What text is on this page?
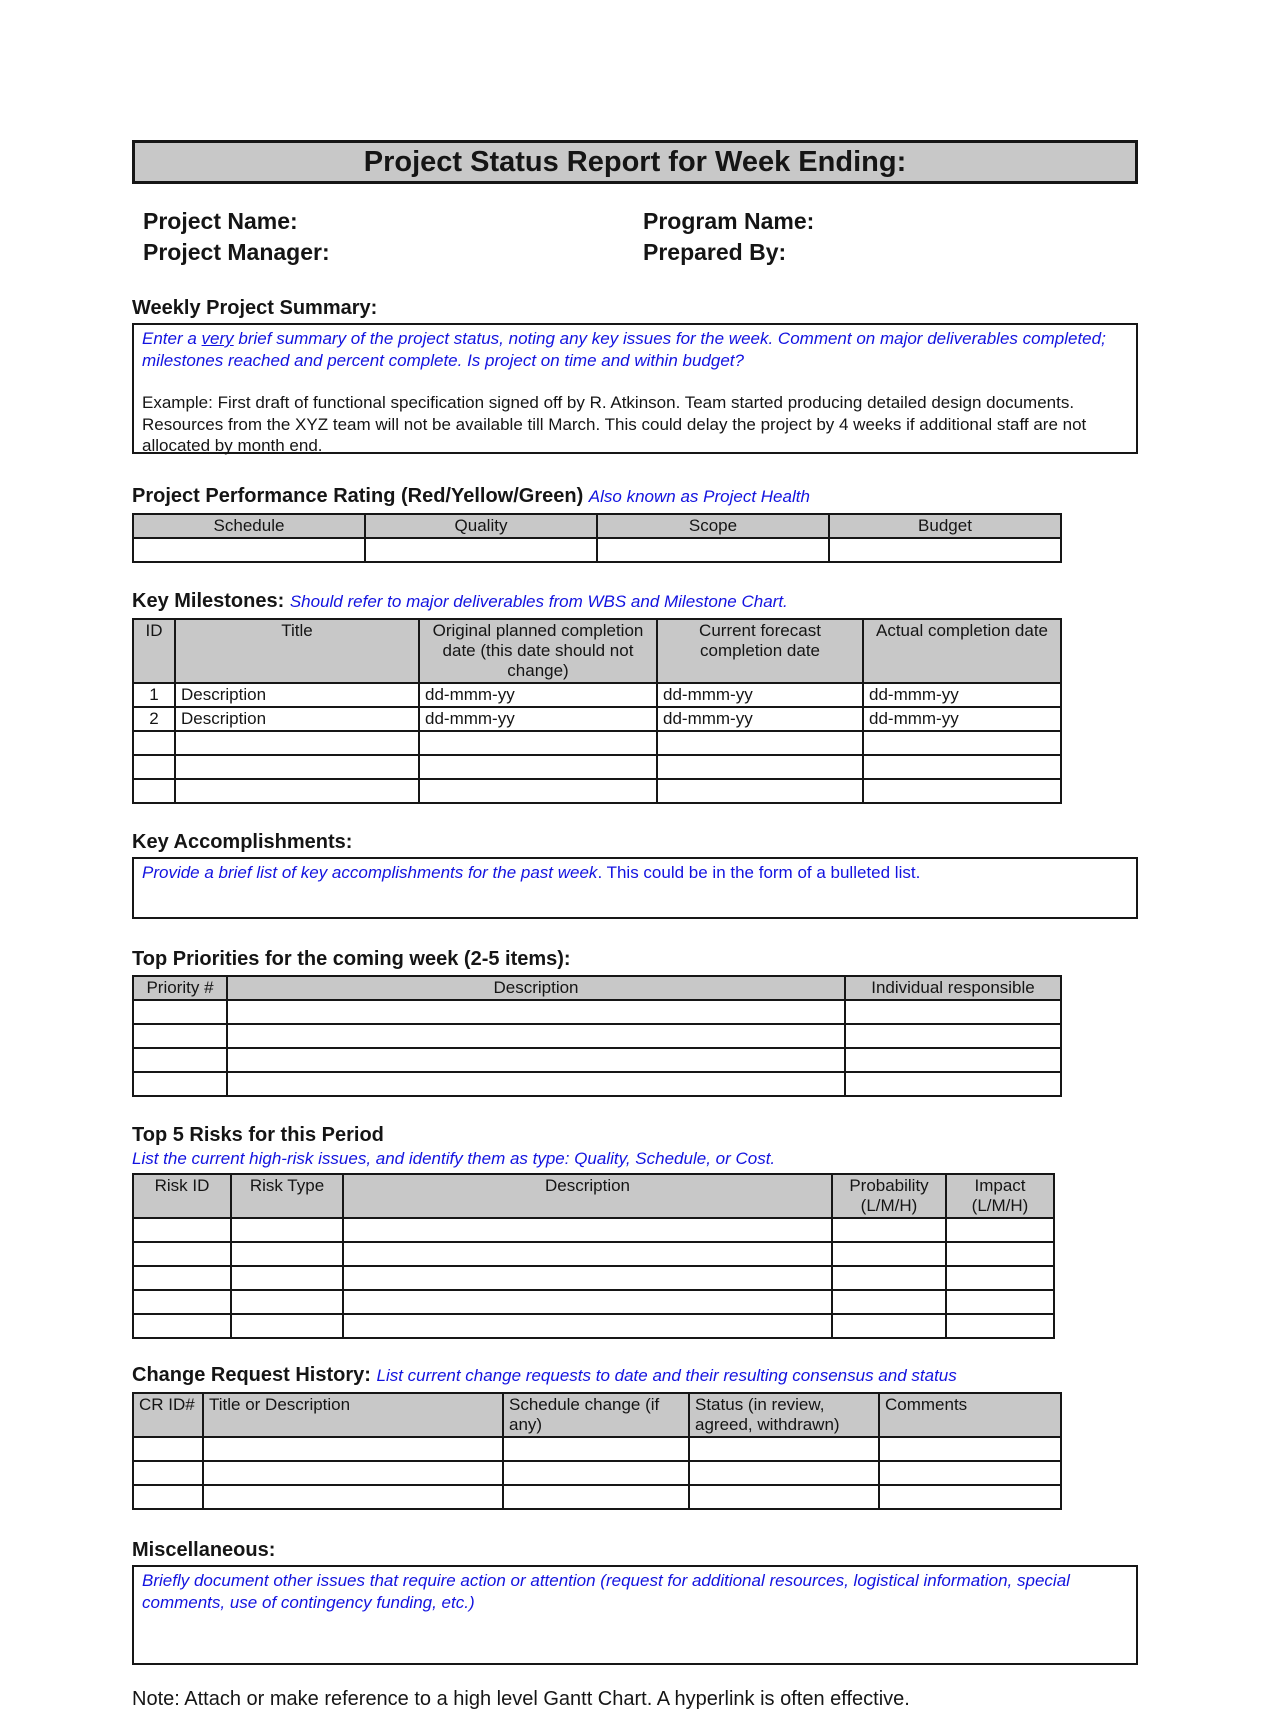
Project Status Report for Week Ending:
Project Name:	Program Name:
Project Manager:	Prepared By:
Weekly Project Summary:

Enter a very brief summary of the project status, noting any key issues for the week. Comment on major deliverables completed; milestones reached and percent complete. Is project on time and within budget?

Example: First draft of functional specification signed off by R. Atkinson. Team started producing detailed design documents. Resources from the XYZ team will not be available till March. This could delay the project by 4 weeks if additional staff are not allocated by month end.

Project Performance Rating (Red/Yellow/Green) Also known as Project Health
Schedule	Quality	Scope	Budget

Key Milestones: Should refer to major deliverables from WBS and Milestone Chart.
ID	Title	Original planned completion date (this date should not change)	Current forecast completion date	Actual completion date
1	Description	dd-mmm-yy	dd-mmm-yy	dd-mmm-yy
2	Description	dd-mmm-yy	dd-mmm-yy	dd-mmm-yy

Key Accomplishments:
Provide a brief list of key accomplishments for the past week. This could be in the form of a bulleted list.
Top Priorities for the coming week (2-5 items):
Priority #	Description	Individual responsible

Top 5 Risks for this Period
List the current high-risk issues, and identify them as type: Quality, Schedule, or Cost.
Risk ID	Risk Type	Description	Probability (L/M/H)	Impact (L/M/H)

Change Request History: List current change requests to date and their resulting consensus and status
CR ID#	Title or Description	Schedule change (if any)	Status (in review, agreed, withdrawn)	Comments

Miscellaneous:

Briefly document other issues that require action or attention (request for additional resources, logistical information, special comments, use of contingency funding, etc.)

Note: Attach or make reference to a high level Gantt Chart. A hyperlink is often effective.
